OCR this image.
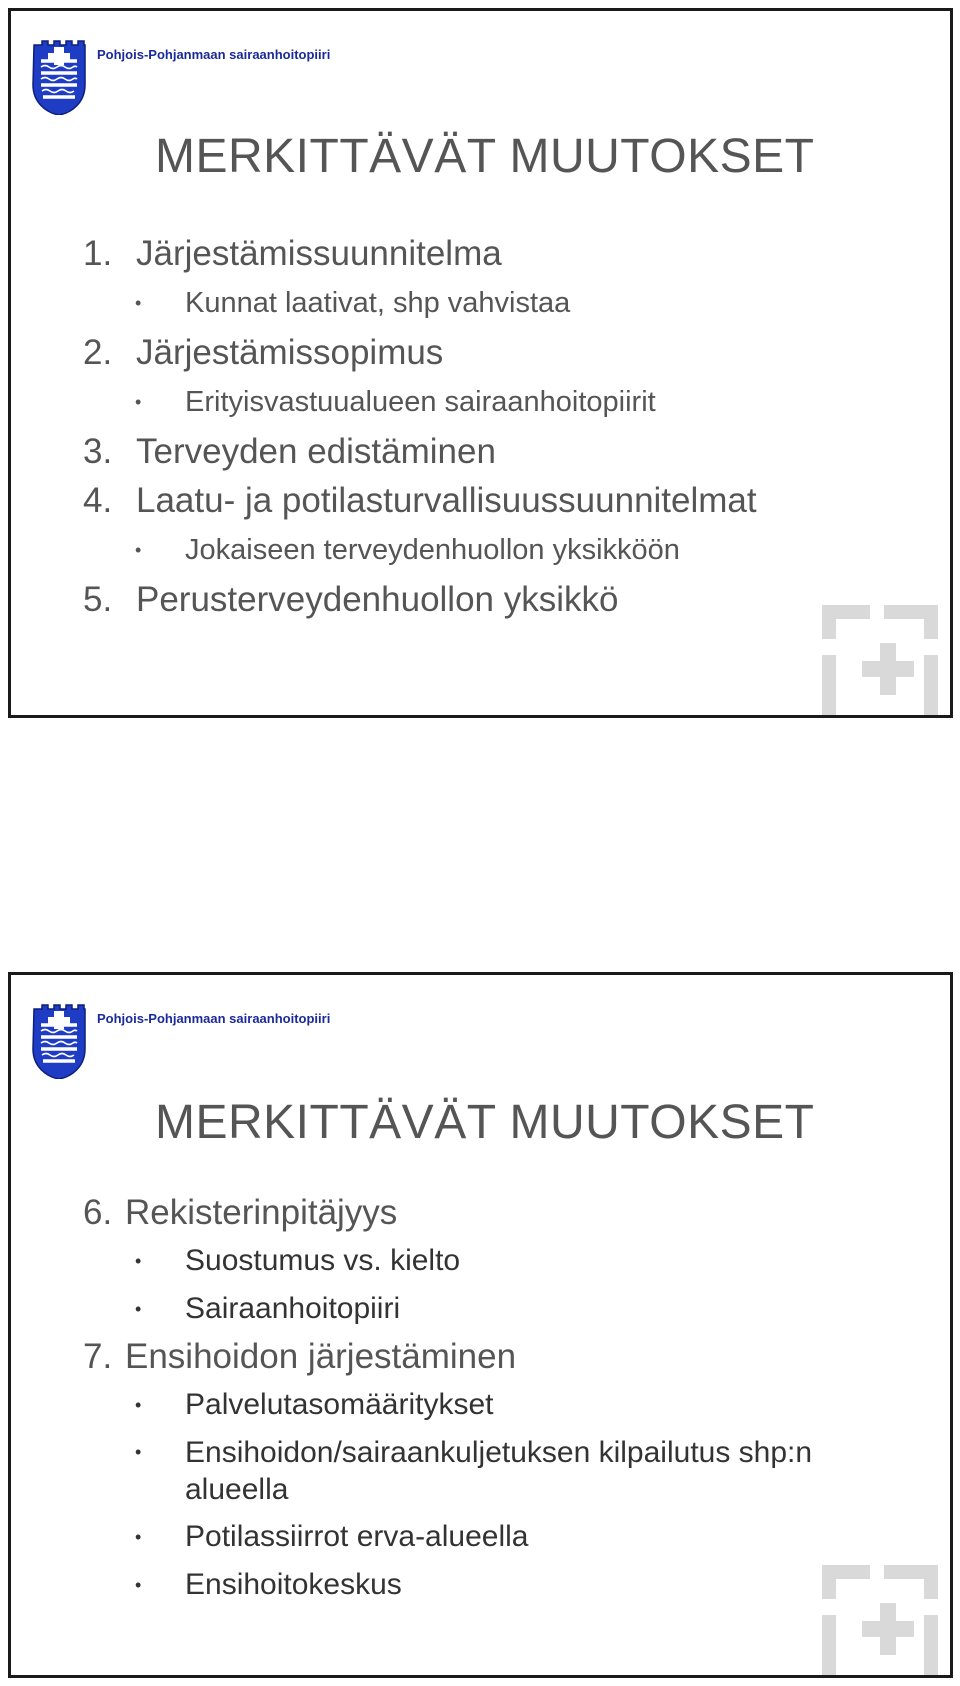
Pohjois-Pohjanmaan sairaanhoitopiiri
MERKITTÄVÄT MUUTOKSET
1. Järjestämissuunnitelma
• Kunnat laativat, shp vahvistaa
2. Järjestämissopimus
• Erityisvastuualueen sairaanhoitopiirit
3. Terveyden edistäminen
4. Laatu- ja potilasturvallisuussuunnitelmat
• Jokaiseen terveydenhuollon yksikköön
5. Perusterveydenhuollon yksikkö
Pohjois-Pohjanmaan sairaanhoitopiiri
MERKITTÄVÄT MUUTOKSET
6. Rekisterinpitäjyys
• Suostumus vs. kielto
• Sairaanhoitopiiri
7. Ensihoidon järjestäminen
• Palvelutasomääritykset
• Ensihoidon/sairaankuljetuksen kilpailutus shp:n alueella
• Potilassiirrot erva-alueella
• Ensihoitokeskus
